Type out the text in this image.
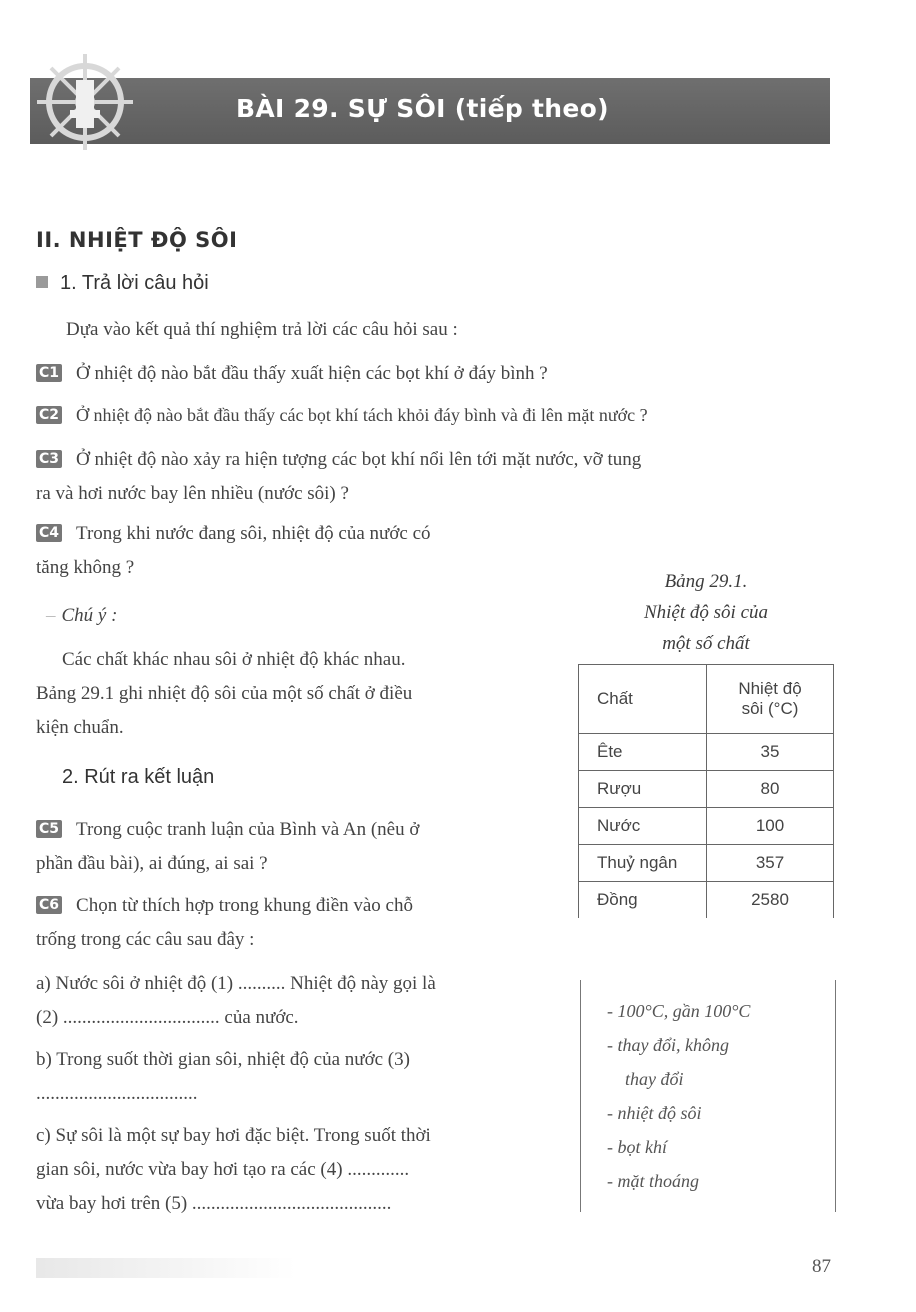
BÀI 29. SỰ SÔI (tiếp theo)
II. NHIỆT ĐỘ SÔI
1. Trả lời câu hỏi
Dựa vào kết quả thí nghiệm trả lời các câu hỏi sau :
C1 Ở nhiệt độ nào bắt đầu thấy xuất hiện các bọt khí ở đáy bình ?
C2 Ở nhiệt độ nào bắt đầu thấy các bọt khí tách khỏi đáy bình và đi lên mặt nước ?
C3 Ở nhiệt độ nào xảy ra hiện tượng các bọt khí nổi lên tới mặt nước, vỡ tung
ra và hơi nước bay lên nhiều (nước sôi) ?
C4 Trong khi nước đang sôi, nhiệt độ của nước có
tăng không ?
– Chú ý :
Các chất khác nhau sôi ở nhiệt độ khác nhau.
Bảng 29.1 ghi nhiệt độ sôi của một số chất ở điều
kiện chuẩn.
2. Rút ra kết luận
C5 Trong cuộc tranh luận của Bình và An (nêu ở
phần đầu bài), ai đúng, ai sai ?
C6 Chọn từ thích hợp trong khung điền vào chỗ
trống trong các câu sau đây :
a) Nước sôi ở nhiệt độ (1) .......... Nhiệt độ này gọi là
(2) ................................. của nước.
b) Trong suốt thời gian sôi, nhiệt độ của nước (3)
..................................
c) Sự sôi là một sự bay hơi đặc biệt. Trong suốt thời
gian sôi, nước vừa bay hơi tạo ra các (4) .............
vừa bay hơi trên (5) ..........................................
Bảng 29.1.
Nhiệt độ sôi của
một số chất
Chất	Nhiệt độ
sôi (°C)

Ête	35
Rượu	80
Nước	100
Thuỷ ngân	357
Đồng	2580
- 100°C, gần 100°C
- thay đổi, không
thay đổi
- nhiệt độ sôi
- bọt khí
- mặt thoáng
87
